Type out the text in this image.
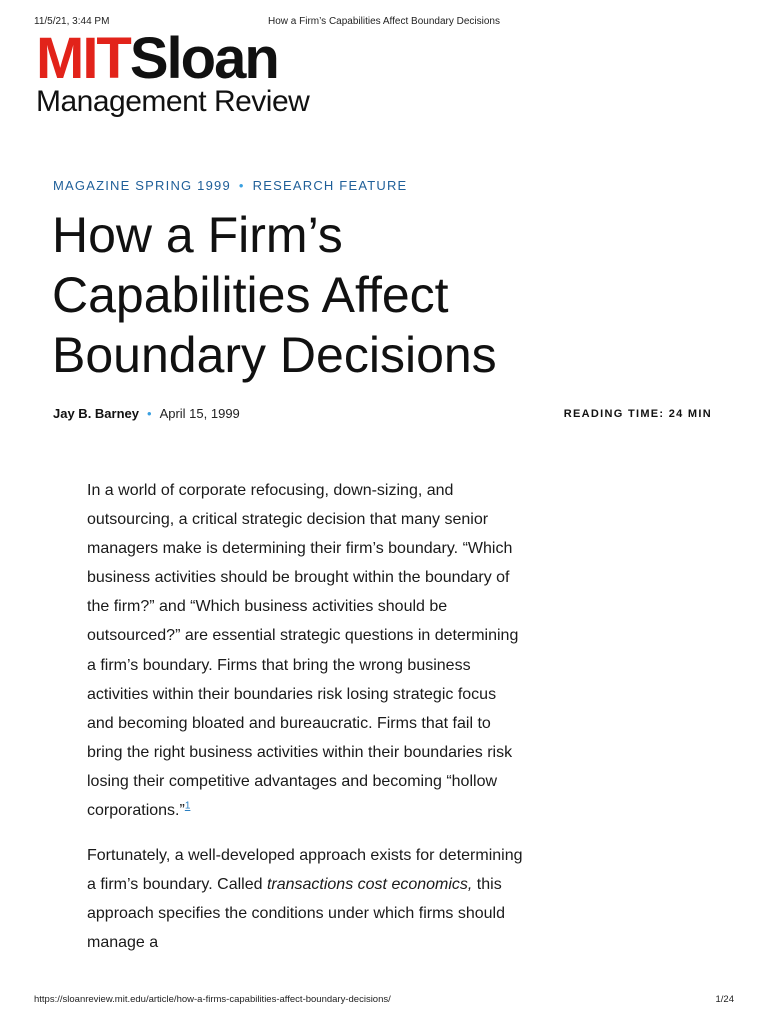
11/5/21, 3:44 PM	How a Firm’s Capabilities Affect Boundary Decisions
MITSloan
Management Review
MAGAZINE SPRING 1999 • RESEARCH FEATURE
How a Firm’s
Capabilities Affect
Boundary Decisions
Jay B. Barney • April 15, 1999	READING TIME: 24 MIN

In a world of corporate refocusing, down-sizing, and outsourcing, a critical strategic decision that many senior managers make is determining their firm’s boundary. “Which business activities should be brought within the boundary of the firm?” and “Which business activities should be outsourced?” are essential strategic questions in determining a firm’s boundary. Firms that bring the wrong business activities within their boundaries risk losing strategic focus and becoming bloated and bureaucratic. Firms that fail to bring the right business activities within their boundaries risk losing their competitive advantages and becoming “hollow corporations.”$^1$

Fortunately, a well-developed approach exists for determining a firm’s boundary. Called transactions cost economics, this approach specifies the conditions under which firms should manage a

https://sloanreview.mit.edu/article/how-a-firms-capabilities-affect-boundary-decisions/	1/24
